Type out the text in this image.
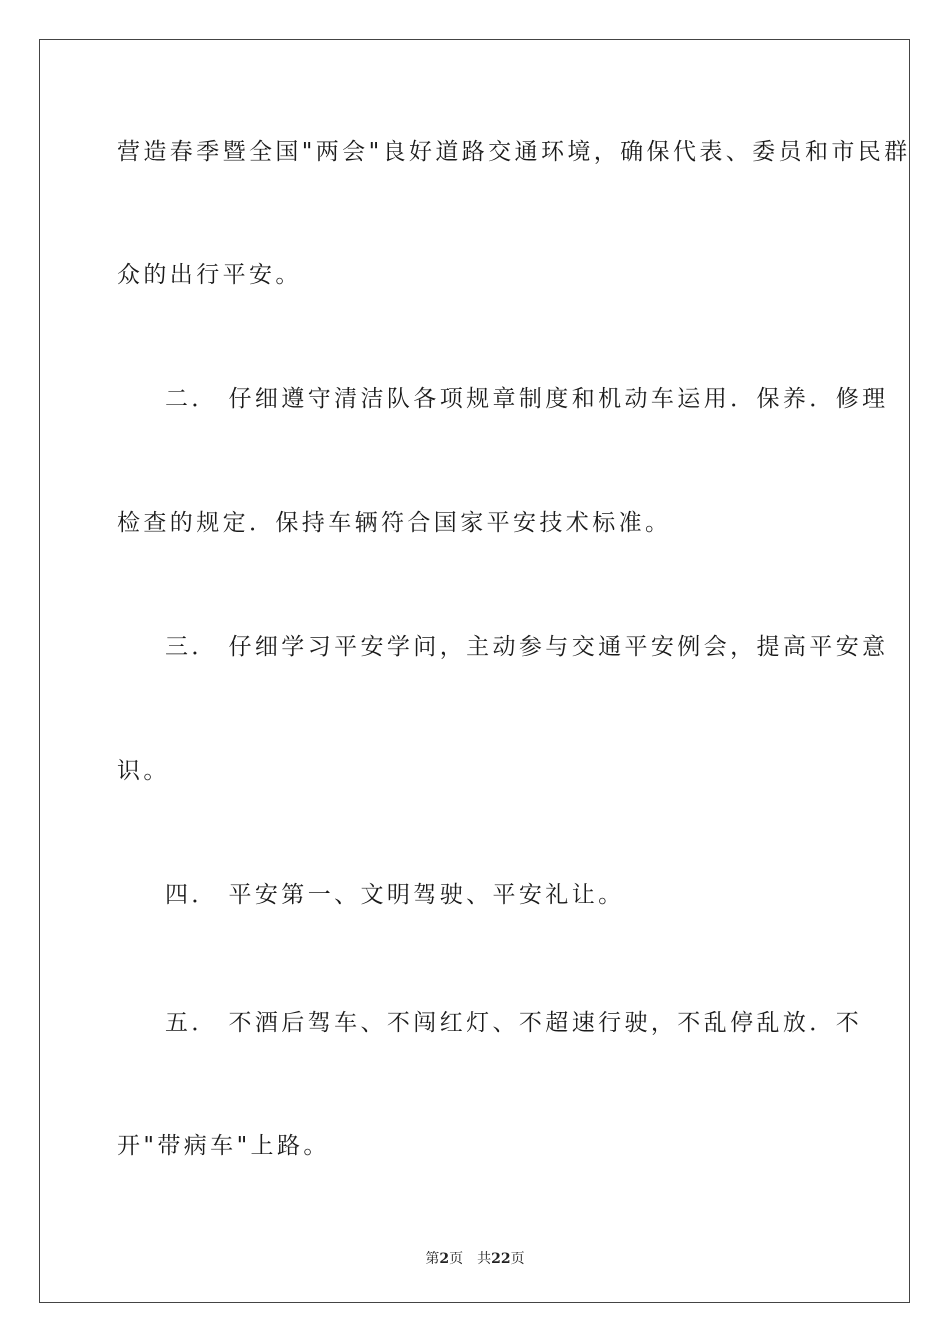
营造春季暨全国"两会"良好道路交通环境，确保代表、委员和市民群
众的出行平安。
二． 仔细遵守清洁队各项规章制度和机动车运用．保养．修理
检查的规定．保持车辆符合国家平安技术标准。
三． 仔细学习平安学问，主动参与交通平安例会，提高平安意
识。
四． 平安第一、文明驾驶、平安礼让。
五． 不酒后驾车、不闯红灯、不超速行驶，不乱停乱放．不
开"带病车"上路。
第2页 共22页
